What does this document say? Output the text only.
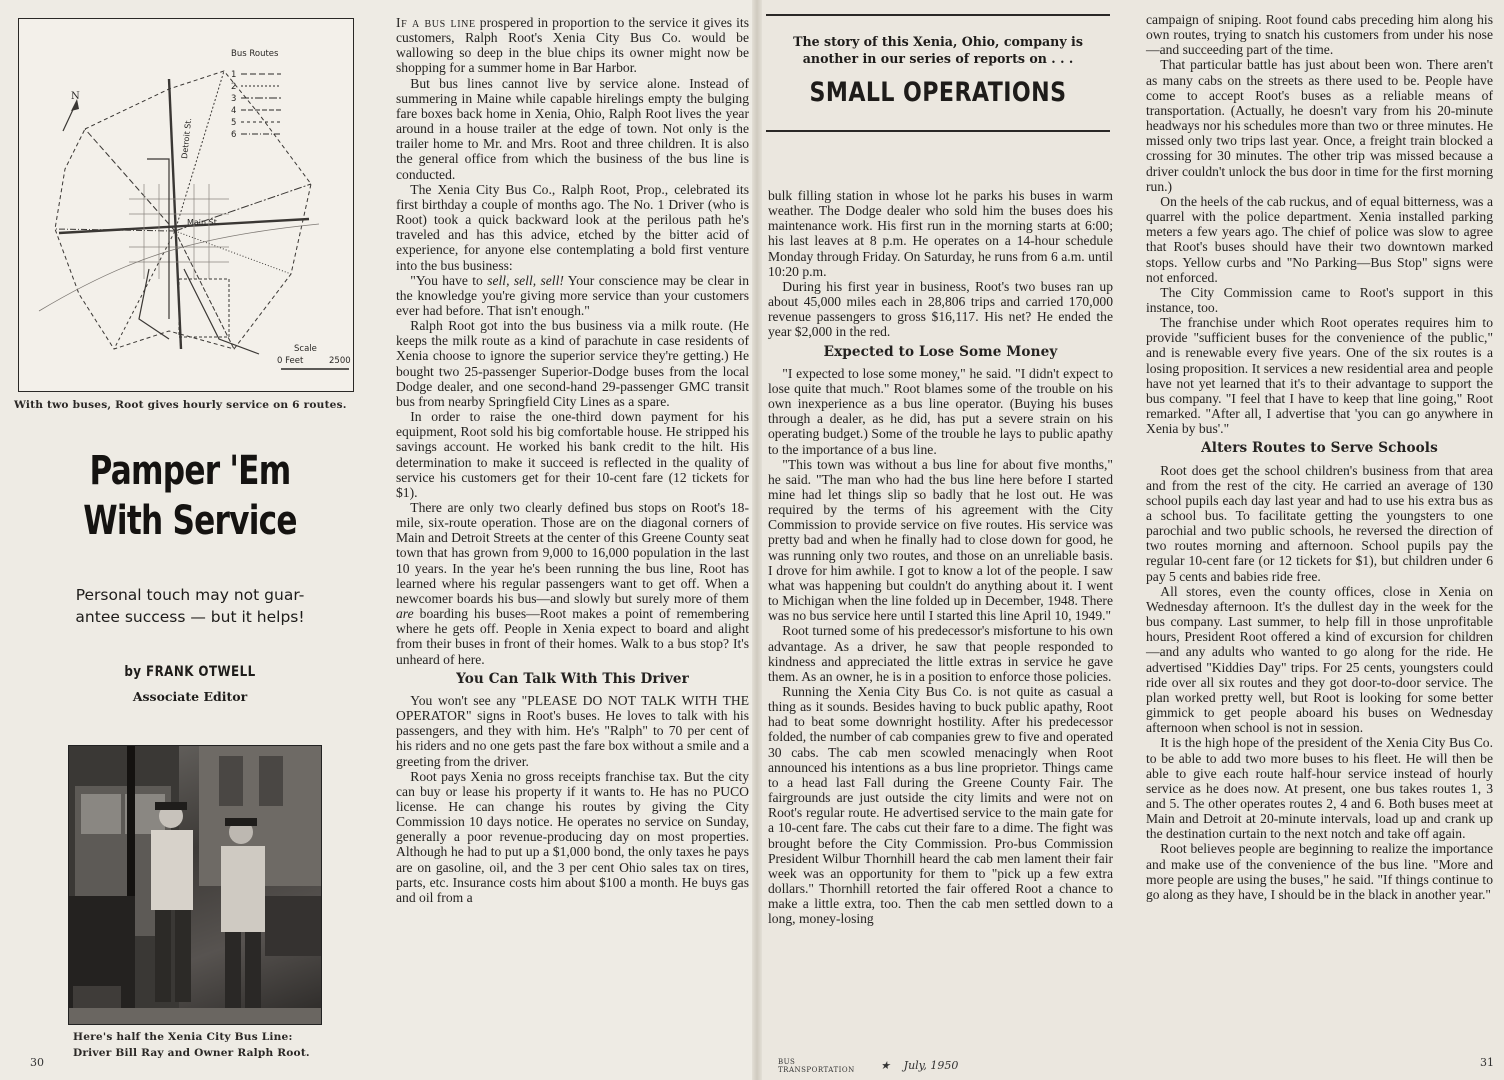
N
Bus Routes
1
2
3
4
5
6
Main St.
Detroit St.
Scale
0 Feet	2500
With two buses, Root gives hourly service on 6 routes.
Pamper 'Em
With Service
Personal touch may not guar-
antee success — but it helps!
by FRANK OTWELL
Associate Editor
Here's half the Xenia City Bus Line:
Driver Bill Ray and Owner Ralph Root.

If a bus line prospered in proportion to the service it gives its customers, Ralph Root's Xenia City Bus Co. would be wallowing so deep in the blue chips its owner might now be shopping for a summer home in Bar Harbor.

But bus lines cannot live by service alone. Instead of summering in Maine while capable hirelings empty the bulging fare boxes back home in Xenia, Ohio, Ralph Root lives the year around in a house trailer at the edge of town. Not only is the trailer home to Mr. and Mrs. Root and three children. It is also the general office from which the business of the bus line is conducted.

The Xenia City Bus Co., Ralph Root, Prop., celebrated its first birthday a couple of months ago. The No. 1 Driver (who is Root) took a quick backward look at the perilous path he's traveled and has this advice, etched by the bitter acid of experience, for anyone else contemplating a bold first venture into the bus business:

"You have to sell, sell, sell! Your conscience may be clear in the knowledge you're giving more service than your customers ever had before. That isn't enough."

Ralph Root got into the bus business via a milk route. (He keeps the milk route as a kind of parachute in case residents of Xenia choose to ignore the superior service they're getting.) He bought two 25-passenger Superior-Dodge buses from the local Dodge dealer, and one second-hand 29-passenger GMC transit bus from nearby Springfield City Lines as a spare.

In order to raise the one-third down payment for his equipment, Root sold his big comfortable house. He stripped his savings account. He worked his bank credit to the hilt. His determination to make it succeed is reflected in the quality of service his customers get for their 10-cent fare (12 tickets for $1).

There are only two clearly defined bus stops on Root's 18-mile, six-route operation. Those are on the diagonal corners of Main and Detroit Streets at the center of this Greene County seat town that has grown from 9,000 to 16,000 population in the last 10 years. In the year he's been running the bus line, Root has learned where his regular passengers want to get off. When a newcomer boards his bus—and slowly but surely more of them are boarding his buses—Root makes a point of remembering where he gets off. People in Xenia expect to board and alight from their buses in front of their homes. Walk to a bus stop? It's unheard of here.

You Can Talk With This Driver

You won't see any "PLEASE DO NOT TALK WITH THE OPERATOR" signs in Root's buses. He loves to talk with his passengers, and they with him. He's "Ralph" to 70 per cent of his riders and no one gets past the fare box without a smile and a greeting from the driver.

Root pays Xenia no gross receipts franchise tax. But the city can buy or lease his property if it wants to. He has no PUCO license. He can change his routes by giving the City Commission 10 days notice. He operates no service on Sunday, generally a poor revenue-producing day on most properties. Although he had to put up a $1,000 bond, the only taxes he pays are on gasoline, oil, and the 3 per cent Ohio sales tax on tires, parts, etc. Insurance costs him about $100 a month. He buys gas and oil from a

The story of this Xenia, Ohio, company is
another in our series of reports on . . .
SMALL OPERATIONS

bulk filling station in whose lot he parks his buses in warm weather. The Dodge dealer who sold him the buses does his maintenance work. His first run in the morning starts at 6:00; his last leaves at 8 p.m. He operates on a 14-hour schedule Monday through Friday. On Saturday, he runs from 6 a.m. until 10:20 p.m.

During his first year in business, Root's two buses ran up about 45,000 miles each in 28,806 trips and carried 170,000 revenue passengers to gross $16,117. His net? He ended the year $2,000 in the red.

Expected to Lose Some Money

"I expected to lose some money," he said. "I didn't expect to lose quite that much." Root blames some of the trouble on his own inexperience as a bus line operator. (Buying his buses through a dealer, as he did, has put a severe strain on his operating budget.) Some of the trouble he lays to public apathy to the importance of a bus line.

"This town was without a bus line for about five months," he said. "The man who had the bus line here before I started mine had let things slip so badly that he lost out. He was required by the terms of his agreement with the City Commission to provide service on five routes. His service was pretty bad and when he finally had to close down for good, he was running only two routes, and those on an unreliable basis. I drove for him awhile. I got to know a lot of the people. I saw what was happening but couldn't do anything about it. I went to Michigan when the line folded up in December, 1948. There was no bus service here until I started this line April 10, 1949."

Root turned some of his predecessor's misfortune to his own advantage. As a driver, he saw that people responded to kindness and appreciated the little extras in service he gave them. As an owner, he is in a position to enforce those policies.

Running the Xenia City Bus Co. is not quite as casual a thing as it sounds. Besides having to buck public apathy, Root had to beat some downright hostility. After his predecessor folded, the number of cab companies grew to five and operated 30 cabs. The cab men scowled menacingly when Root announced his intentions as a bus line proprietor. Things came to a head last Fall during the Greene County Fair. The fairgrounds are just outside the city limits and were not on Root's regular route. He advertised service to the main gate for a 10-cent fare. The cabs cut their fare to a dime. The fight was brought before the City Commission. Pro-bus Commission President Wilbur Thornhill heard the cab men lament their fair week was an opportunity for them to "pick up a few extra dollars." Thornhill retorted the fair offered Root a chance to make a little extra, too. Then the cab men settled down to a long, money-losing

campaign of sniping. Root found cabs preceding him along his own routes, trying to snatch his customers from under his nose—and succeeding part of the time.

That particular battle has just about been won. There aren't as many cabs on the streets as there used to be. People have come to accept Root's buses as a reliable means of transportation. (Actually, he doesn't vary from his 20-minute headways nor his schedules more than two or three minutes. He missed only two trips last year. Once, a freight train blocked a crossing for 30 minutes. The other trip was missed because a driver couldn't unlock the bus door in time for the first morning run.)

On the heels of the cab ruckus, and of equal bitterness, was a quarrel with the police department. Xenia installed parking meters a few years ago. The chief of police was slow to agree that Root's buses should have their two downtown marked stops. Yellow curbs and "No Parking—Bus Stop" signs were not enforced.

The City Commission came to Root's support in this instance, too.

The franchise under which Root operates requires him to provide "sufficient buses for the convenience of the public," and is renewable every five years. One of the six routes is a losing proposition. It services a new residential area and people have not yet learned that it's to their advantage to support the bus company. "I feel that I have to keep that line going," Root remarked. "After all, I advertise that 'you can go anywhere in Xenia by bus'."

Alters Routes to Serve Schools

Root does get the school children's business from that area and from the rest of the city. He carried an average of 130 school pupils each day last year and had to use his extra bus as a school bus. To facilitate getting the youngsters to one parochial and two public schools, he reversed the direction of two routes morning and afternoon. School pupils pay the regular 10-cent fare (or 12 tickets for $1), but children under 6 pay 5 cents and babies ride free.

All stores, even the county offices, close in Xenia on Wednesday afternoon. It's the dullest day in the week for the bus company. Last summer, to help fill in those unprofitable hours, President Root offered a kind of excursion for children—and any adults who wanted to go along for the ride. He advertised "Kiddies Day" trips. For 25 cents, youngsters could ride over all six routes and they got door-to-door service. The plan worked pretty well, but Root is looking for some better gimmick to get people aboard his buses on Wednesday afternoon when school is not in session.

It is the high hope of the president of the Xenia City Bus Co. to be able to add two more buses to his fleet. He will then be able to give each route half-hour service instead of hourly service as he does now. At present, one bus takes routes 1, 3 and 5. The other operates routes 2, 4 and 6. Both buses meet at Main and Detroit at 20-minute intervals, load up and crank up the destination curtain to the next notch and take off again.

Root believes people are beginning to realize the importance and make use of the convenience of the bus line. "More and more people are using the buses," he said. "If things continue to go along as they have, I should be in the black in another year."

30	BUS
TRANSPORTATION ★ July, 1950	31
